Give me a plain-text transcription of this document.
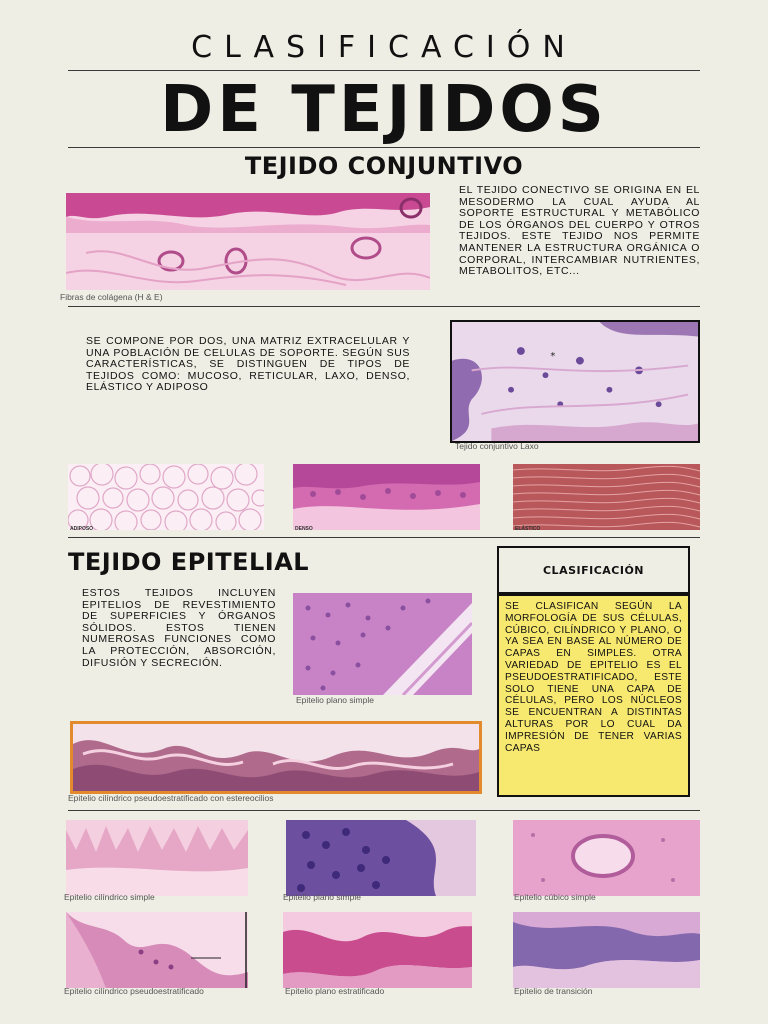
CLASIFICACIÓN
DE TEJIDOS
TEJIDO CONJUNTIVO
Fibras de colágena (H & E)
EL TEJIDO CONECTIVO SE ORIGINA EN EL MESODERMO LA CUAL AYUDA AL SOPORTE ESTRUCTURAL Y METABÓLICO DE LOS ÓRGANOS DEL CUERPO Y OTROS TEJIDOS. ESTE TEJIDO NOS PERMITE MANTENER LA ESTRUCTURA ORGÁNICA O CORPORAL, INTERCAMBIAR NUTRIENTES, METABOLITOS, ETC...
SE COMPONE POR DOS, UNA MATRIZ EXTRACELULAR Y UNA POBLACIÓN DE CELULAS DE SOPORTE. SEGÚN SUS CARACTERÍSTICAS, SE DISTINGUEN DE TIPOS DE TEJIDOS COMO: MUCOSO, RETICULAR, LAXO, DENSO, ELÁSTICO Y ADIPOSO
*
Tejido conjuntivo Laxo
ADIPOSO	DENSO	ELÁSTICO
TEJIDO EPITELIAL
ESTOS TEJIDOS INCLUYEN EPITELIOS DE REVESTIMIENTO DE SUPERFICIES Y ÓRGANOS SÓLIDOS. ESTOS TIENEN NUMEROSAS FUNCIONES COMO LA PROTECCIÓN, ABSORCIÓN, DIFUSIÓN Y SECRECIÓN.
Epitelio plano simple
CLASIFICACIÓN
SE CLASIFICAN SEGÚN LA MORFOLOGÍA DE SUS CÉLULAS, CÚBICO, CILÍNDRICO Y PLANO, O YA SEA EN BASE AL NÚMERO DE CAPAS EN SIMPLES. OTRA VARIEDAD DE EPITELIO ES EL PSEUDOESTRATIFICADO, ESTE SOLO TIENE UNA CAPA DE CÉLULAS, PERO LOS NÚCLEOS SE ENCUENTRAN A DISTINTAS ALTURAS POR LO CUAL DA IMPRESIÓN DE TENER VARIAS CAPAS
Epitelio cilíndrico pseudoestratificado con estereocilios
Epitelio cilíndrico simple	Epitelio plano simple	Epitelio cúbico simple
Epitelio cilíndrico pseudoestratificado	Epitelio plano estratificado	Epitelio de transición
